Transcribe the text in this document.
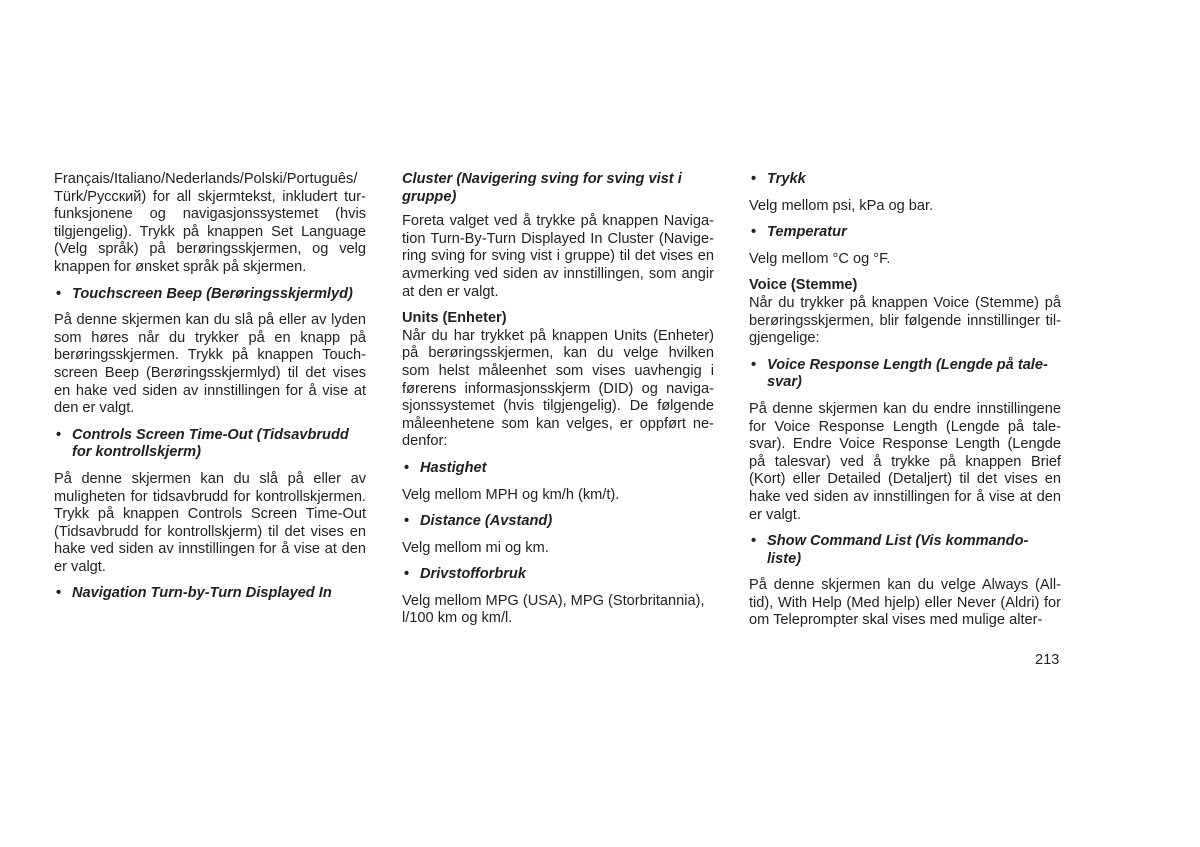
Français/Italiano/Nederlands/Polski/Português/ Türk/Русский) for all skjermtekst, inkludert tur-funksjonene og navigasjonssystemet (hvis tilgjengelig). Trykk på knappen Set Language (Velg språk) på berøringsskjermen, og velg knappen for ønsket språk på skjermen.

• Touchscreen Beep (Berøringsskjermlyd)

På denne skjermen kan du slå på eller av lyden som høres når du trykker på en knapp på berøringsskjermen. Trykk på knappen Touch-screen Beep (Berøringsskjermlyd) til det vises en hake ved siden av innstillingen for å vise at den er valgt.

• Controls Screen Time-Out (Tidsavbrudd for kontrollskjerm)

På denne skjermen kan du slå på eller av muligheten for tidsavbrudd for kontrollskjermen. Trykk på knappen Controls Screen Time-Out (Tidsavbrudd for kontrollskjerm) til det vises en hake ved siden av innstillingen for å vise at den er valgt.

• Navigation Turn-by-Turn Displayed In
Cluster (Navigering sving for sving vist i gruppe)

Foreta valget ved å trykke på knappen Naviga-tion Turn-By-Turn Displayed In Cluster (Navige-ring sving for sving vist i gruppe) til det vises en avmerking ved siden av innstillingen, som angir at den er valgt.

Units (Enheter)

Når du har trykket på knappen Units (Enheter) på berøringsskjermen, kan du velge hvilken som helst måleenhet som vises uavhengig i førerens informasjonsskjerm (DID) og naviga-sjonssystemet (hvis tilgjengelig). De følgende måleenhetene som kan velges, er oppført ne-denfor:

• Hastighet

Velg mellom MPH og km/h (km/t).

• Distance (Avstand)

Velg mellom mi og km.

• Drivstofforbruk

Velg mellom MPG (USA), MPG (Storbritannia), l/100 km og km/l.

• Trykk

Velg mellom psi, kPa og bar.

• Temperatur

Velg mellom °C og °F.

Voice (Stemme)

Når du trykker på knappen Voice (Stemme) på berøringsskjermen, blir følgende innstillinger til-gjengelige:

• Voice Response Length (Lengde på tale-svar)

På denne skjermen kan du endre innstillingene for Voice Response Length (Lengde på tale-svar). Endre Voice Response Length (Lengde på talesvar) ved å trykke på knappen Brief (Kort) eller Detailed (Detaljert) til det vises en hake ved siden av innstillingen for å vise at den er valgt.

• Show Command List (Vis kommando-liste)

På denne skjermen kan du velge Always (All-tid), With Help (Med hjelp) eller Never (Aldri) for om Teleprompter skal vises med mulige alter-

213
